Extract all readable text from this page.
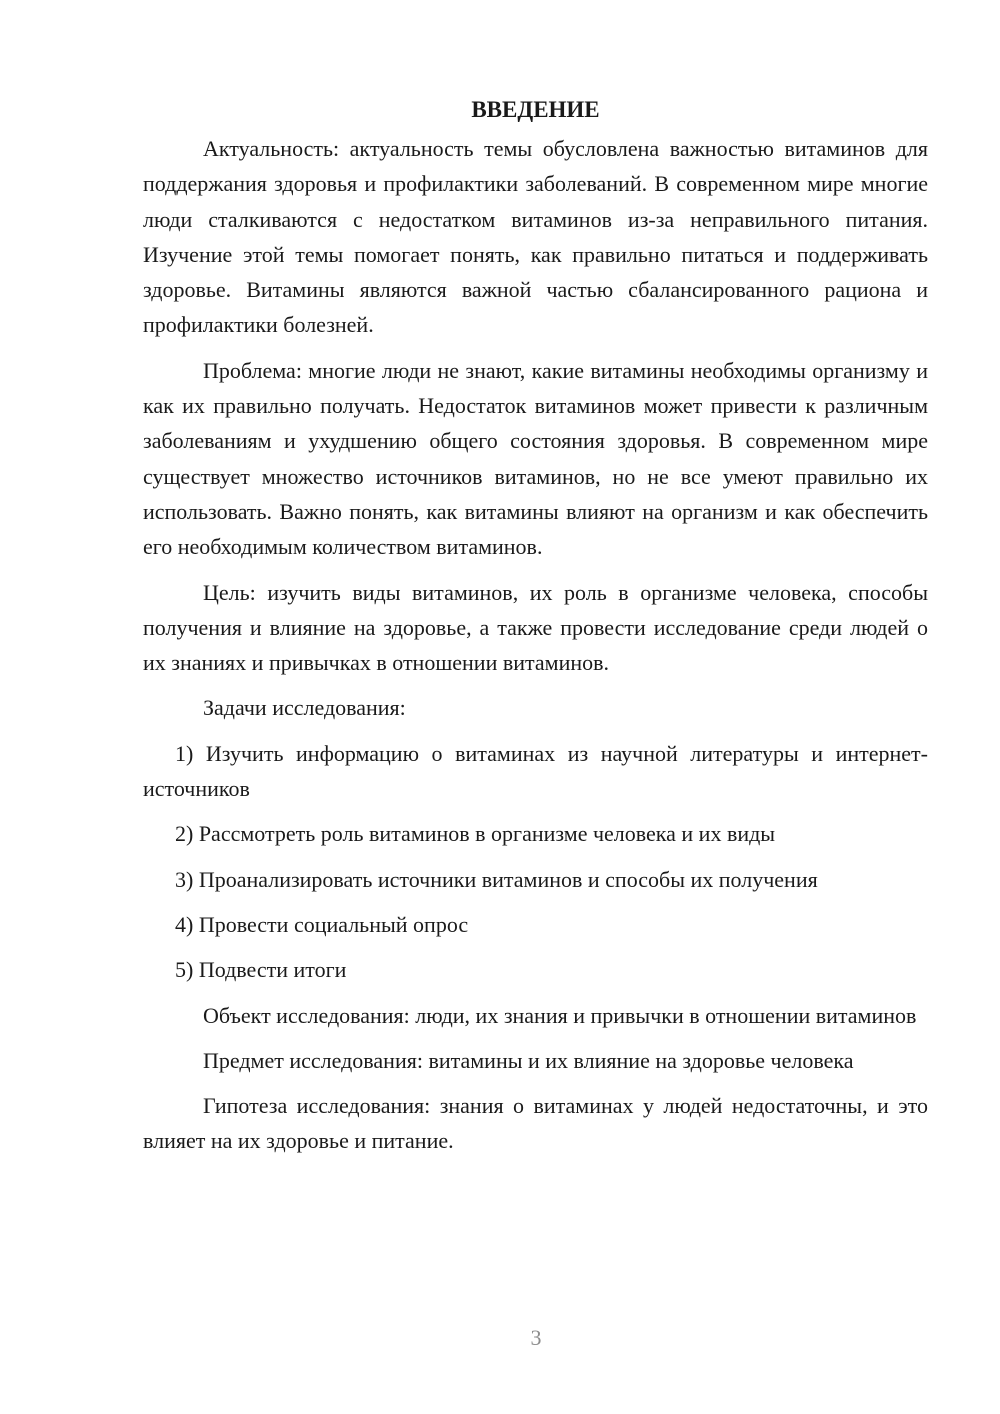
ВВЕДЕНИЕ

Актуальность: актуальность темы обусловлена важностью витаминов для поддержания здоровья и профилактики заболеваний. В современном мире многие люди сталкиваются с недостатком витаминов из-за неправильного питания. Изучение этой темы помогает понять, как правильно питаться и поддерживать здоровье. Витамины являются важной частью сбалансированного рациона и профилактики болезней.

Проблема: многие люди не знают, какие витамины необходимы организму и как их правильно получать. Недостаток витаминов может привести к различным заболеваниям и ухудшению общего состояния здоровья. В современном мире существует множество источников витаминов, но не все умеют правильно их использовать. Важно понять, как витамины влияют на организм и как обеспечить его необходимым количеством витаминов.

Цель: изучить виды витаминов, их роль в организме человека, способы получения и влияние на здоровье, а также провести исследование среди людей о их знаниях и привычках в отношении витаминов.

Задачи исследования:

1) Изучить информацию о витаминах из научной литературы и интернет-источников

2) Рассмотреть роль витаминов в организме человека и их виды

3) Проанализировать источники витаминов и способы их получения

4) Провести социальный опрос

5) Подвести итоги

Объект исследования: люди, их знания и привычки в отношении витаминов

Предмет исследования: витамины и их влияние на здоровье человека

Гипотеза исследования: знания о витаминах у людей недостаточны, и это влияет на их здоровье и питание.

3
